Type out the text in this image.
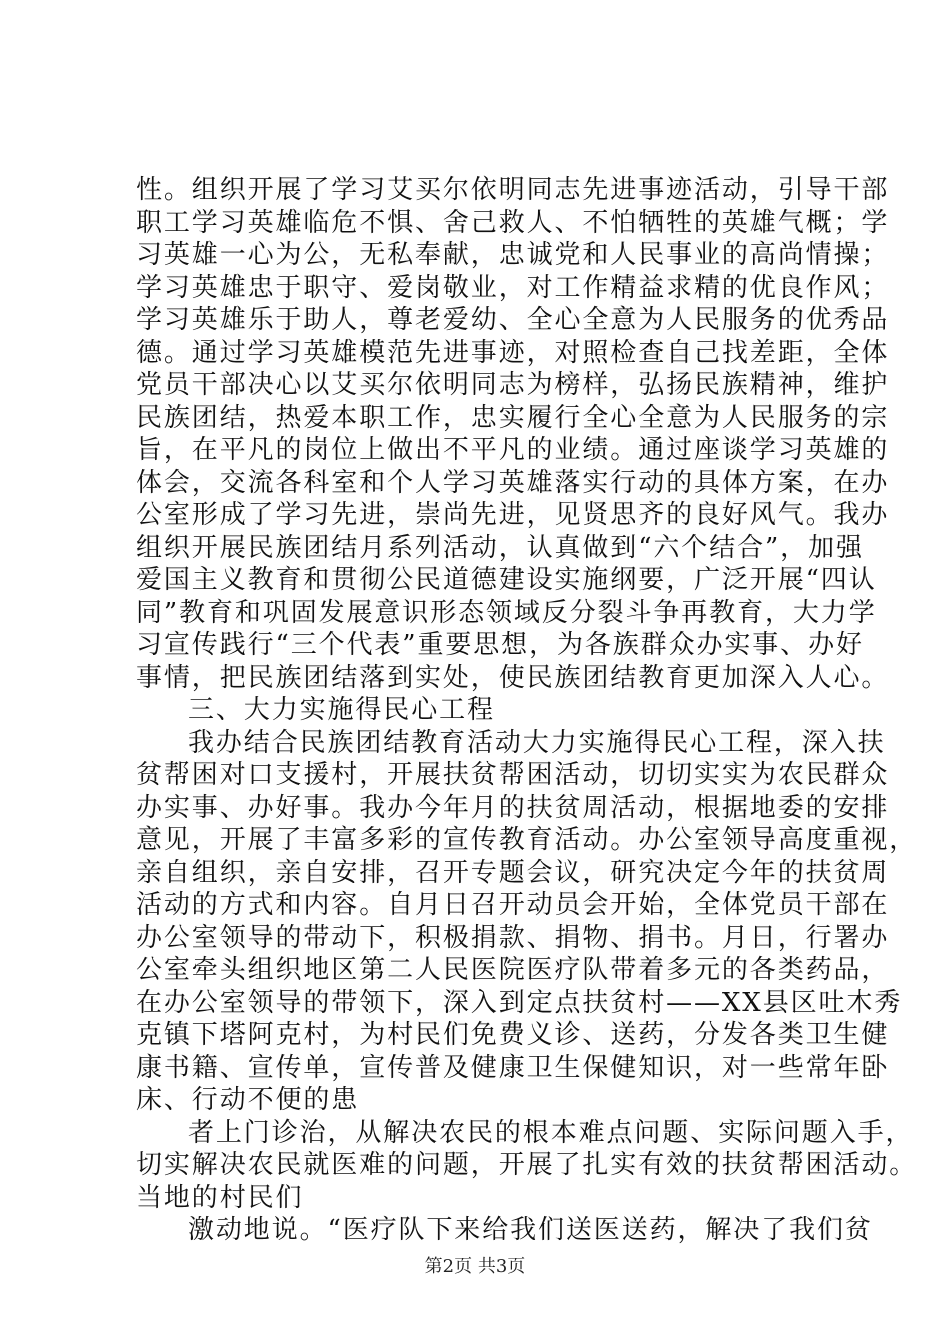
性。组织开展了学习艾买尔依明同志先进事迹活动，引导干部
职工学习英雄临危不惧、舍己救人、不怕牺牲的英雄气概；学
习英雄一心为公，无私奉献，忠诚党和人民事业的高尚情操；
学习英雄忠于职守、爱岗敬业，对工作精益求精的优良作风；
学习英雄乐于助人，尊老爱幼、全心全意为人民服务的优秀品
德。通过学习英雄模范先进事迹，对照检查自己找差距，全体
党员干部决心以艾买尔依明同志为榜样，弘扬民族精神，维护
民族团结，热爱本职工作，忠实履行全心全意为人民服务的宗
旨，在平凡的岗位上做出不平凡的业绩。通过座谈学习英雄的
体会，交流各科室和个人学习英雄落实行动的具体方案，在办
公室形成了学习先进，崇尚先进，见贤思齐的良好风气。我办
组织开展民族团结月系列活动，认真做到“六个结合”，加强
爱国主义教育和贯彻公民道德建设实施纲要，广泛开展“四认
同”教育和巩固发展意识形态领域反分裂斗争再教育，大力学
习宣传践行“三个代表”重要思想，为各族群众办实事、办好
事情，把民族团结落到实处，使民族团结教育更加深入人心。
三、大力实施得民心工程
我办结合民族团结教育活动大力实施得民心工程，深入扶
贫帮困对口支援村，开展扶贫帮困活动，切切实实为农民群众
办实事、办好事。我办今年月的扶贫周活动，根据地委的安排
意见，开展了丰富多彩的宣传教育活动。办公室领导高度重视，
亲自组织，亲自安排，召开专题会议，研究决定今年的扶贫周
活动的方式和内容。自月日召开动员会开始，全体党员干部在
办公室领导的带动下，积极捐款、捐物、捐书。月日，行署办
公室牵头组织地区第二人民医院医疗队带着多元的各类药品，
在办公室领导的带领下，深入到定点扶贫村——XX县区吐木秀
克镇下塔阿克村，为村民们免费义诊、送药，分发各类卫生健
康书籍、宣传单，宣传普及健康卫生保健知识，对一些常年卧
床、行动不便的患
者上门诊治，从解决农民的根本难点问题、实际问题入手，
切实解决农民就医难的问题，开展了扎实有效的扶贫帮困活动。
当地的村民们
激动地说。“医疗队下来给我们送医送药，解决了我们贫
第2页 共3页
